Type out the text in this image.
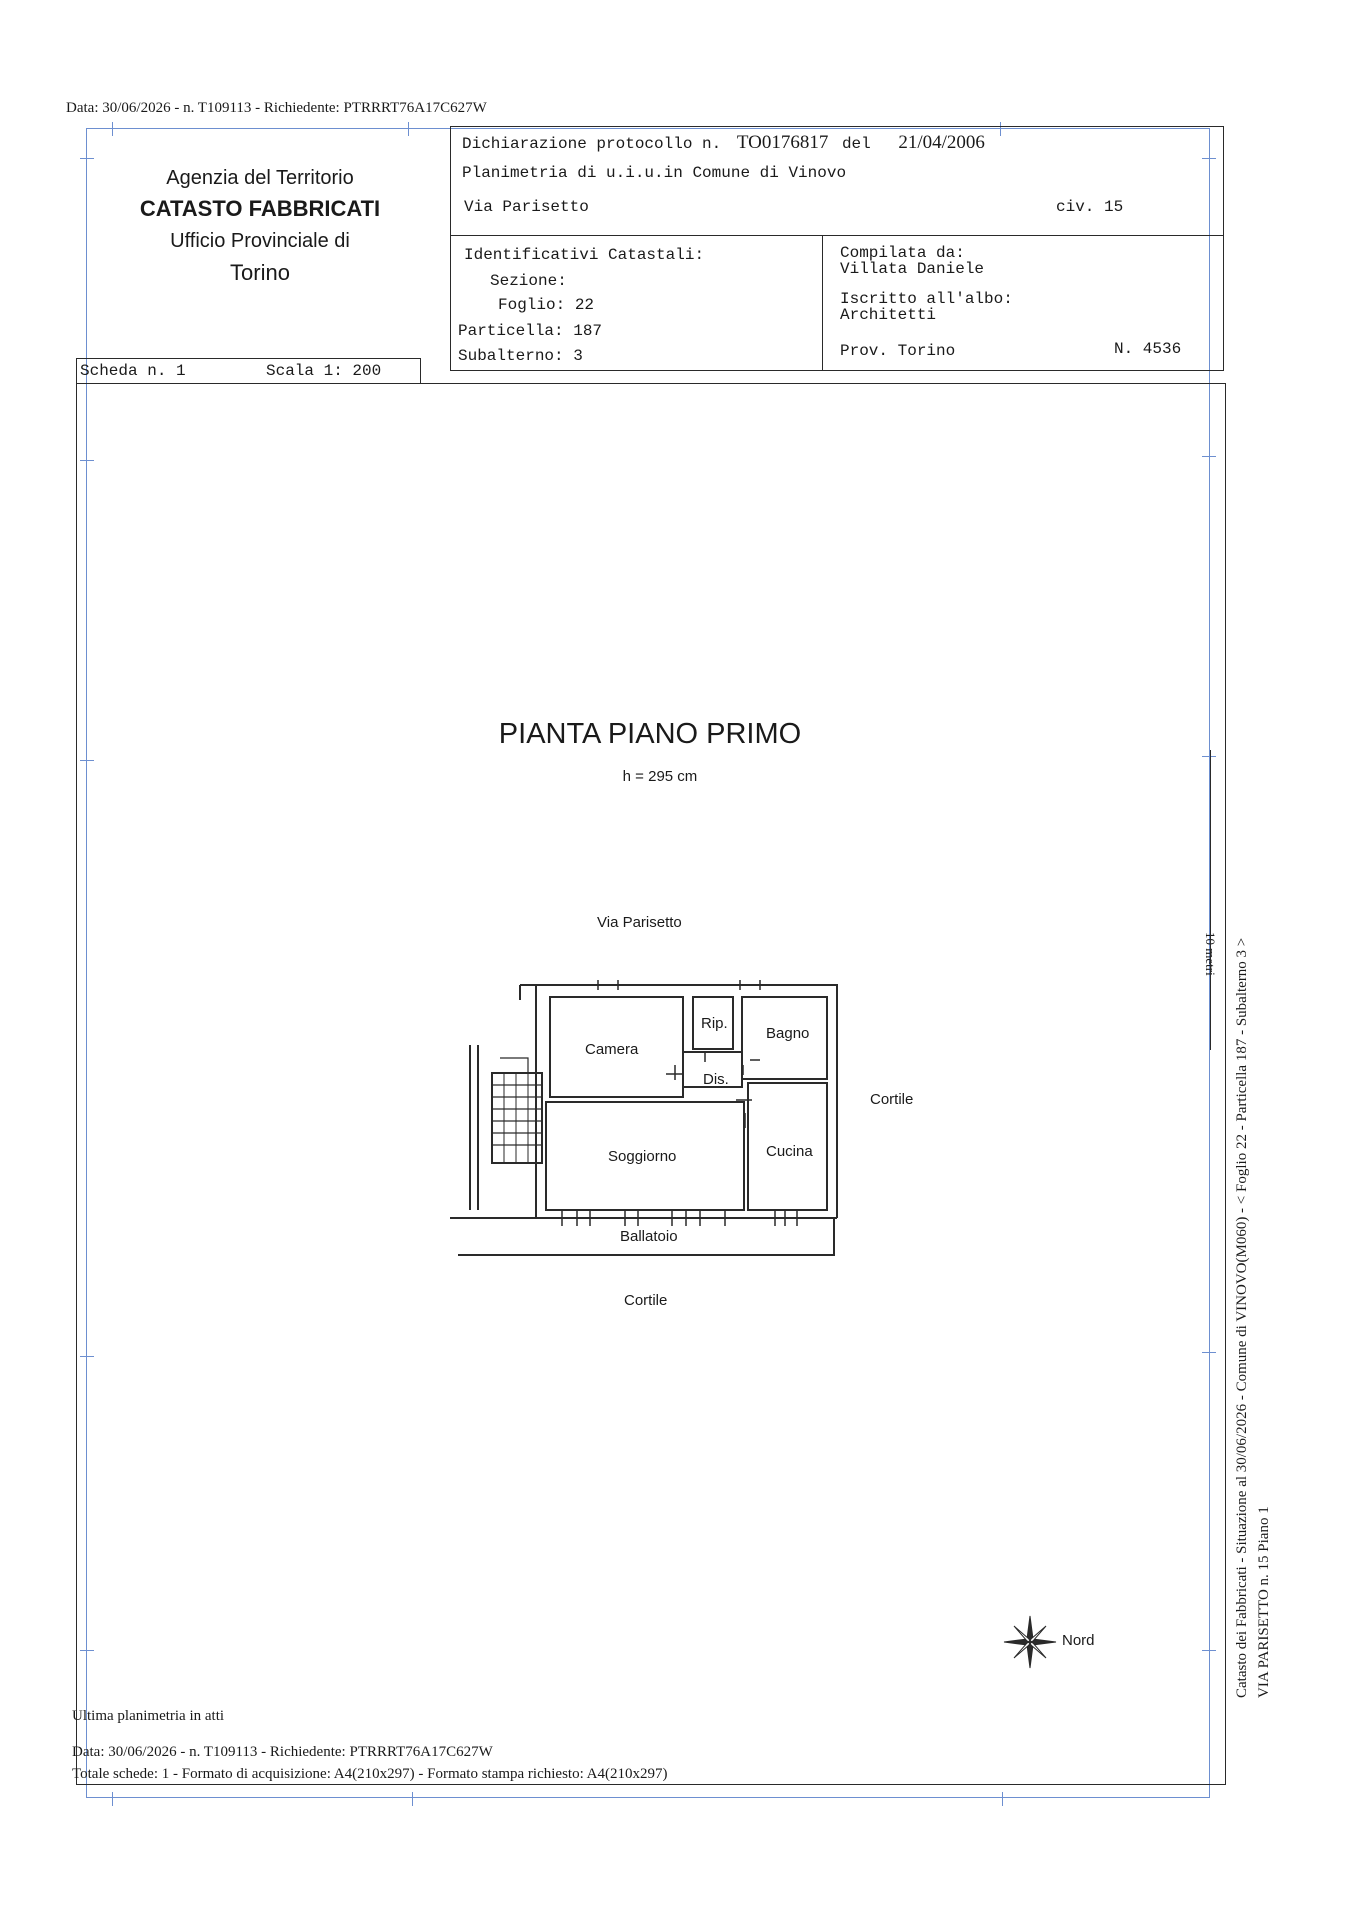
Data: 30/06/2026 - n. T109113 - Richiedente: PTRRRT76A17C627W
Agenzia del Territorio
CATASTO FABBRICATI
Ufficio Provinciale di
Torino
Scheda n. 1	Scala 1: 200
Dichiarazione protocollo n. TO0176817 del 21/04/2006
Planimetria di u.i.u.in Comune di Vinovo
Via Parisetto	civ. 15
Identificativi Catastali:
Sezione:
Foglio: 22
Particella: 187
Subalterno: 3
Compilata da:
Villata Daniele
Iscritto all'albo:
Architetti
Prov. Torino	N. 4536
PIANTA PIANO PRIMO
h = 295 cm
Via Parisetto
Camera
Rip.
Bagno
Dis.
Soggiorno	Cucina
Cortile
Ballatoio
Cortile
Nord	Catasto dei Fabbricati - Situazione al 30/06/2026 - Comune di VINOVO(M060) - < Foglio 22 - Particella 187 - Subalterno 3 > VIA PARISETTO n. 15 Piano 1
10 metri
Ultima planimetria in atti
Data: 30/06/2026 - n. T109113 - Richiedente: PTRRRT76A17C627W
Totale schede: 1 - Formato di acquisizione: A4(210x297) - Formato stampa richiesto: A4(210x297)
